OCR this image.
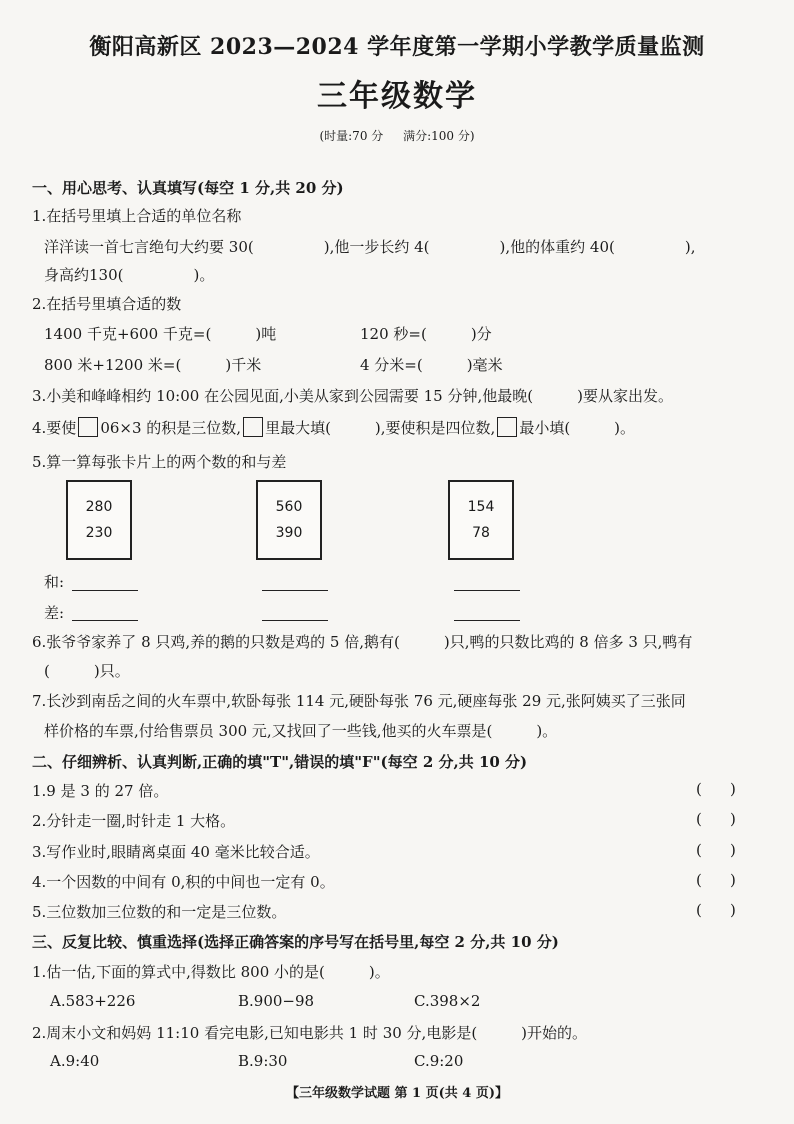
衡阳高新区 2023—2024 学年度第一学期小学教学质量监测
三年级数学
(时量:70 分 满分:100 分)
一、用心思考、认真填写(每空 1 分,共 20 分)
1.在括号里填上合适的单位名称
洋洋读一首七言绝句大约要 30(	),他一步长约 4(	),他的体重约 40(	),
身高约130(	)。
2.在括号里填合适的数
1400 千克+600 千克=(	)吨	120 秒=(	)分
800 米+1200 米=(	)千米	4 分米=(	)毫米
3.小美和峰峰相约 10:00 在公园见面,小美从家到公园需要 15 分钟,他最晚(	)要从家出发。
4.要使 06×3 的积是三位数, 里最大填(	),要使积是四位数, 最小填(	)。
5.算一算每张卡片上的两个数的和与差
280
230
560
390
154
78
和:
差:
6.张爷爷家养了 8 只鸡,养的鹅的只数是鸡的 5 倍,鹅有(	)只,鸭的只数比鸡的 8 倍多 3 只,鸭有
(	)只。
7.长沙到南岳之间的火车票中,软卧每张 114 元,硬卧每张 76 元,硬座每张 29 元,张阿姨买了三张同
样价格的车票,付给售票员 300 元,又找回了一些钱,他买的火车票是(	)。
二、仔细辨析、认真判断,正确的填"T",错误的填"F"(每空 2 分,共 10 分)
1.9 是 3 的 27 倍。	( )
2.分针走一圈,时针走 1 大格。	( )
3.写作业时,眼睛离桌面 40 毫米比较合适。	( )
4.一个因数的中间有 0,积的中间也一定有 0。	( )
5.三位数加三位数的和一定是三位数。	( )
三、反复比较、慎重选择(选择正确答案的序号写在括号里,每空 2 分,共 10 分)
1.估一估,下面的算式中,得数比 800 小的是(	)。
A.583+226	B.900−98	C.398×2
2.周末小文和妈妈 11:10 看完电影,已知电影共 1 时 30 分,电影是(	)开始的。
A.9:40	B.9:30	C.9:20
【三年级数学试题 第 1 页(共 4 页)】
